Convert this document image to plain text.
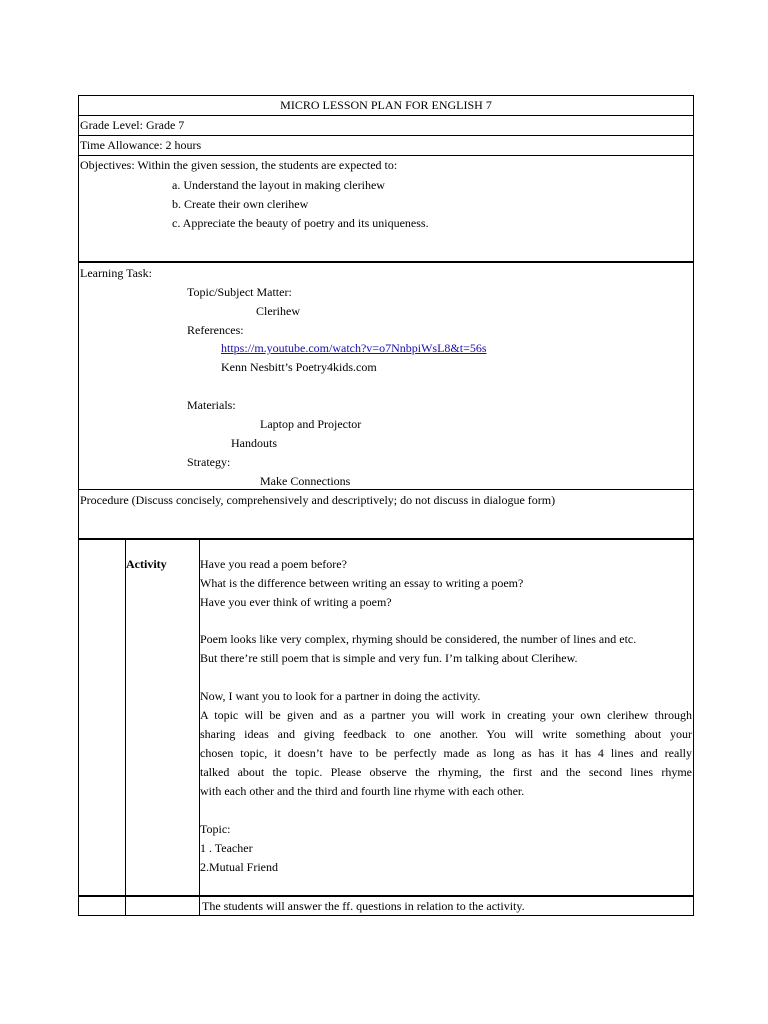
MICRO LESSON PLAN FOR ENGLISH 7
Grade Level: Grade 7
Time Allowance: 2 hours
Objectives: Within the given session, the students are expected to:
a. Understand the layout in making clerihew
b. Create their own clerihew
c. Appreciate the beauty of poetry and its uniqueness.
Learning Task:
Topic/Subject Matter:
Clerihew
References:
https://m.youtube.com/watch?v=o7NnbpiWsL8&t=56s
Kenn Nesbitt’s Poetry4kids.com
Materials:
Laptop and Projector
Handouts
Strategy:
Make Connections
Procedure (Discuss concisely, comprehensively and descriptively; do not discuss in dialogue form)
Activity	Have you read a poem before?
What is the difference between writing an essay to writing a poem?
Have you ever think of writing a poem?
Poem looks like very complex, rhyming should be considered, the number of lines and etc.
But there’re still poem that is simple and very fun. I’m talking about Clerihew.
Now, I want you to look for a partner in doing the activity.
A topic will be given and as a partner you will work in creating your own clerihew through
sharing ideas and giving feedback to one another. You will write something about your
chosen topic, it doesn’t have to be perfectly made as long as has it has 4 lines and really
talked about the topic. Please observe the rhyming, the first and the second lines rhyme
with each other and the third and fourth line rhyme with each other.
Topic:
1 . Teacher
2.Mutual Friend
The students will answer the ff. questions in relation to the activity.
